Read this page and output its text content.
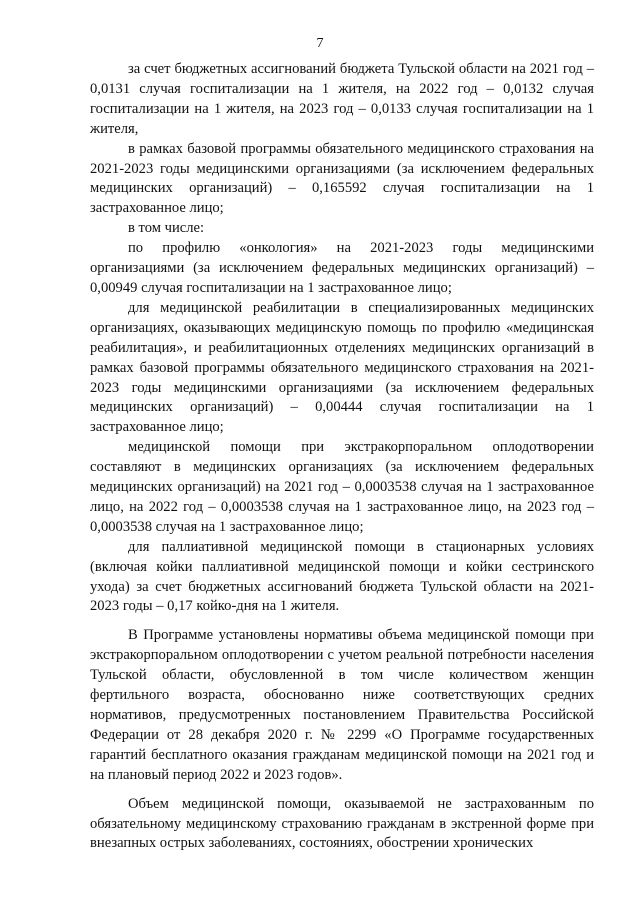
7
за счет бюджетных ассигнований бюджета Тульской области на 2021 год – 0,0131 случая госпитализации на 1 жителя, на 2022 год – 0,0132 случая госпитализации на 1 жителя, на 2023 год – 0,0133 случая госпитализации на 1 жителя,
в рамках базовой программы обязательного медицинского страхования на 2021-2023 годы медицинскими организациями (за исключением федеральных медицинских организаций) – 0,165592 случая госпитализации на 1 застрахованное лицо;
в том числе:
по профилю «онкология» на 2021-2023 годы медицинскими организациями (за исключением федеральных медицинских организаций) – 0,00949 случая госпитализации на 1 застрахованное лицо;
для медицинской реабилитации в специализированных медицинских организациях, оказывающих медицинскую помощь по профилю «медицинская реабилитация», и реабилитационных отделениях медицинских организаций в рамках базовой программы обязательного медицинского страхования на 2021-2023 годы медицинскими организациями (за исключением федеральных медицинских организаций) – 0,00444 случая госпитализации на 1 застрахованное лицо;
медицинской помощи при экстракорпоральном оплодотворении составляют в медицинских организациях (за исключением федеральных медицинских организаций) на 2021 год – 0,0003538 случая на 1 застрахованное лицо, на 2022 год – 0,0003538 случая на 1 застрахованное лицо, на 2023 год – 0,0003538 случая на 1 застрахованное лицо;
для паллиативной медицинской помощи в стационарных условиях (включая койки паллиативной медицинской помощи и койки сестринского ухода) за счет бюджетных ассигнований бюджета Тульской области на 2021-2023 годы – 0,17 койко-дня на 1 жителя.
В Программе установлены нормативы объема медицинской помощи при экстракорпоральном оплодотворении с учетом реальной потребности населения Тульской области, обусловленной в том числе количеством женщин фертильного возраста, обоснованно ниже соответствующих средних нормативов, предусмотренных постановлением Правительства Российской Федерации от 28 декабря 2020 г. № 2299 «О Программе государственных гарантий бесплатного оказания гражданам медицинской помощи на 2021 год и на плановый период 2022 и 2023 годов».
Объем медицинской помощи, оказываемой не застрахованным по обязательному медицинскому страхованию гражданам в экстренной форме при внезапных острых заболеваниях, состояниях, обострении хронических
